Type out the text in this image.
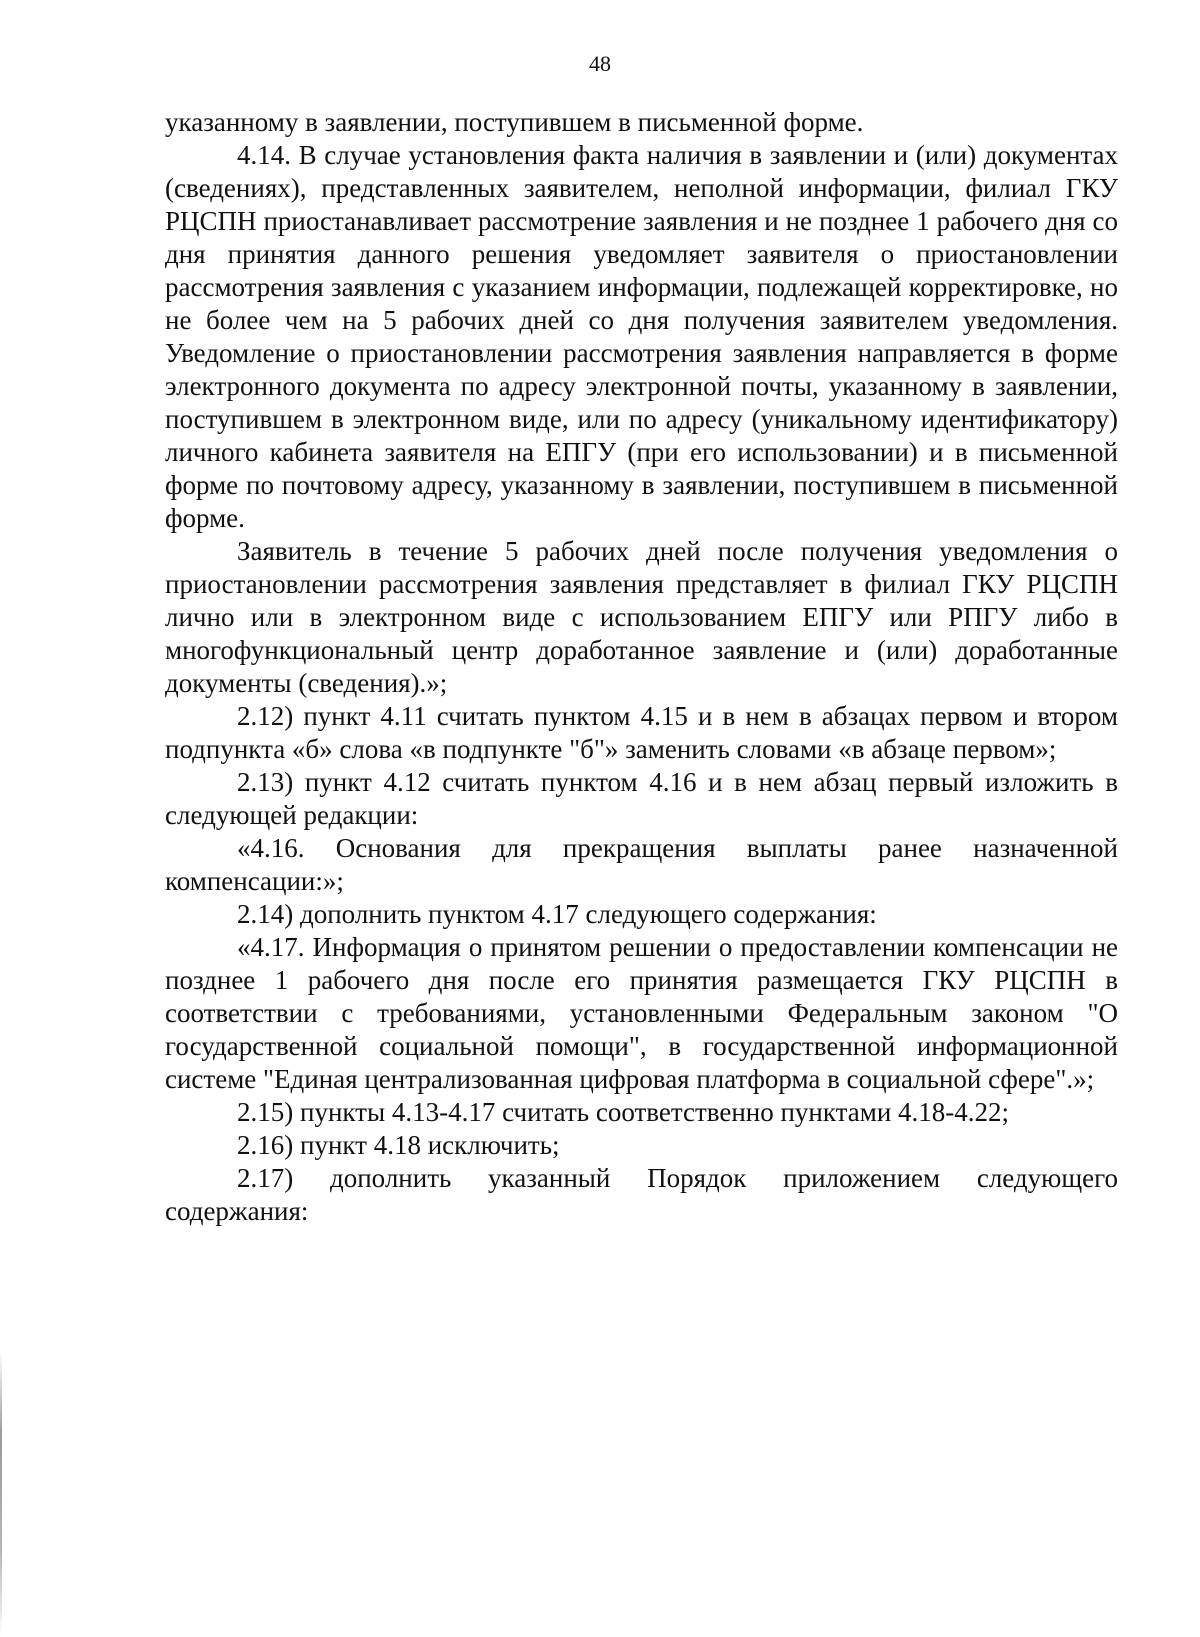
48

указанному в заявлении, поступившем в письменной форме.

4.14. В случае установления факта наличия в заявлении и (или) документах (сведениях), представленных заявителем, неполной информации, филиал ГКУ РЦСПН приостанавливает рассмотрение заявления и не позднее 1 рабочего дня со дня принятия данного решения уведомляет заявителя о приостановлении рассмотрения заявления с указанием информации, подлежащей корректировке, но не более чем на 5 рабочих дней со дня получения заявителем уведомления. Уведомление о приостановлении рассмотрения заявления направляется в форме электронного документа по адресу электронной почты, указанному в заявлении, поступившем в электронном виде, или по адресу (уникальному идентификатору) личного кабинета заявителя на ЕПГУ (при его использовании) и в письменной форме по почтовому адресу, указанному в заявлении, поступившем в письменной форме.

Заявитель в течение 5 рабочих дней после получения уведомления о приостановлении рассмотрения заявления представляет в филиал ГКУ РЦСПН лично или в электронном виде с использованием ЕПГУ или РПГУ либо в многофункциональный центр доработанное заявление и (или) доработанные документы (сведения).»;

2.12) пункт 4.11 считать пунктом 4.15 и в нем в абзацах первом и втором подпункта «б» слова «в подпункте "б"» заменить словами «в абзаце первом»;

2.13) пункт 4.12 считать пунктом 4.16 и в нем абзац первый изложить в следующей редакции:

«4.16. Основания для прекращения выплаты ранее назначенной компенсации:»;

2.14) дополнить пунктом 4.17 следующего содержания:

«4.17. Информация о принятом решении о предоставлении компенсации не позднее 1 рабочего дня после его принятия размещается ГКУ РЦСПН в соответствии с требованиями, установленными Федеральным законом "О государственной социальной помощи", в государственной информационной системе "Единая централизованная цифровая платформа в социальной сфере".»;

2.15) пункты 4.13-4.17 считать соответственно пунктами 4.18-4.22;

2.16) пункт 4.18 исключить;

2.17) дополнить указанный Порядок приложением следующего содержания:
